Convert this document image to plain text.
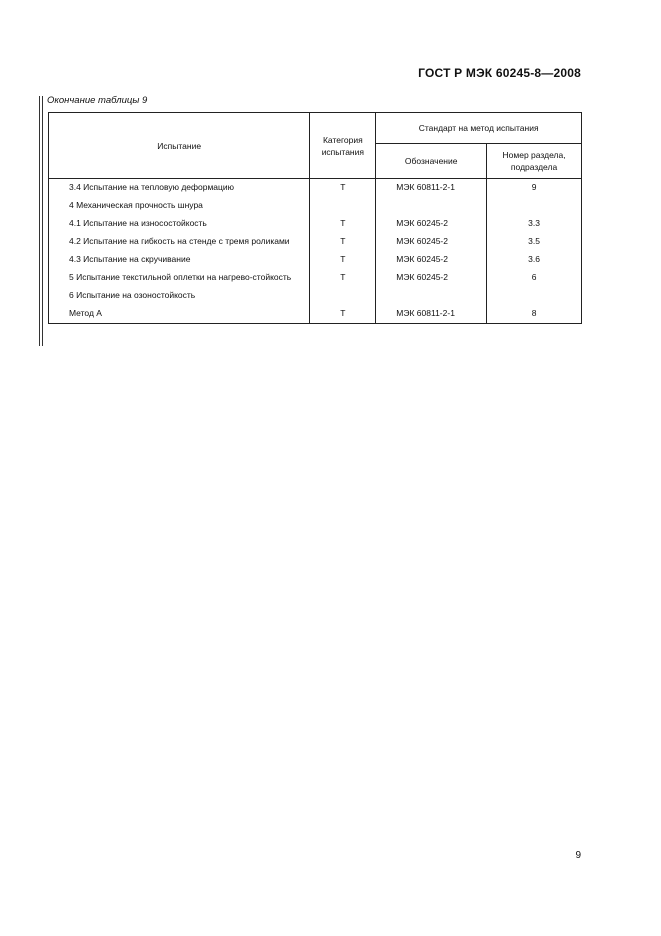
ГОСТ Р МЭК 60245-8—2008
Окончание таблицы 9
Испытание	Категория испытания	Стандарт на метод испытания	
		Обозначение	Номер раздела, подраздела
3.4 Испытание на тепловую деформацию	Т	МЭК 60811-2-1	9
4 Механическая прочность шнура			
4.1 Испытание на износостойкость	Т	МЭК 60245-2	3.3
4.2 Испытание на гибкость на стенде с тремя роликами	Т	МЭК 60245-2	3.5
4.3 Испытание на скручивание	Т	МЭК 60245-2	3.6
5 Испытание текстильной оплетки на нагрево-стойкость	Т	МЭК 60245-2	6
6 Испытание на озоностойкость			
Метод А	Т	МЭК 60811-2-1	8
9
